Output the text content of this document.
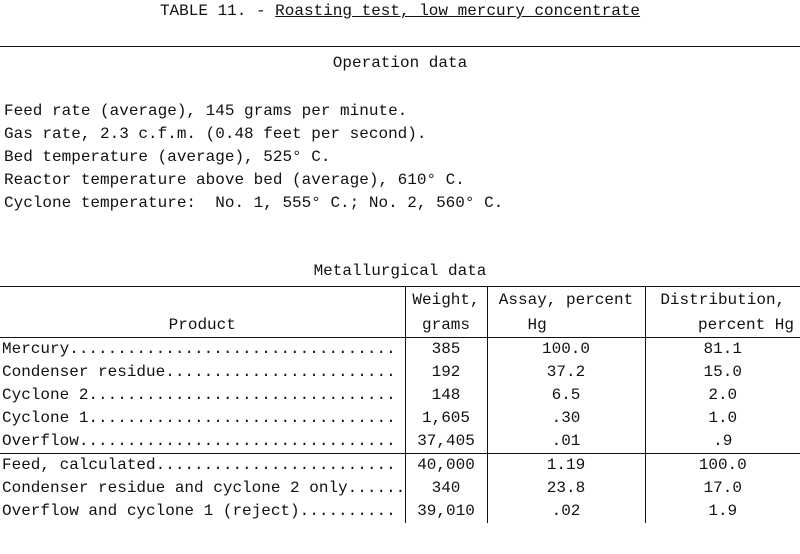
TABLE 11. - Roasting test, low mercury concentrate
Operation data
Feed rate (average), 145 grams per minute.
Gas rate, 2.3 c.f.m. (0.48 feet per second).
Bed temperature (average), 525° C.
Reactor temperature above bed (average), 610° C.
Cyclone temperature:  No. 1, 555° C.; No. 2, 560° C.
Metallurgical data
	Weight,	Assay, percent	Distribution,
Product	grams	Hg	percent Hg
Mercury..................................	385	100.0	81.1
Condenser residue........................	192	37.2	15.0
Cyclone 2................................	148	6.5	2.0
Cyclone 1................................	1,605	.30	1.0
Overflow.................................	37,405	.01	.9
Feed, calculated.........................	40,000	1.19	100.0
Condenser residue and cyclone 2 only......	340	23.8	17.0
Overflow and cyclone 1 (reject)..........	39,010	.02	1.9
